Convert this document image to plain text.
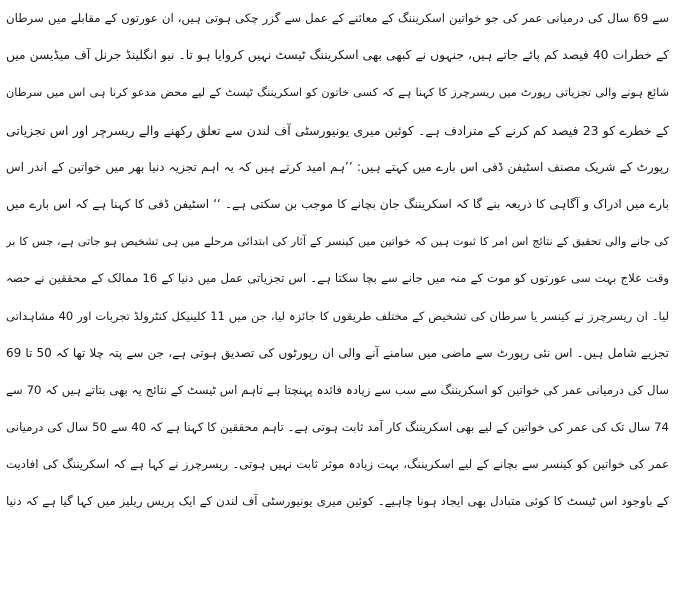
سے 69 سال کی درمیانی عمر کی جو خواتین اسکریننگ کے معائنے کے عمل سے گزر چکی ہوتی ہیں، ان عورتوں کے مقابلے میں سرطان
کے خطرات 40 فیصد کم پائے جاتے ہیں، جنہوں نے کبھی بھی اسکریننگ ٹیسٹ نہیں کروایا ہو تا۔ نیو انگلینڈ جرنل آف میڈیسن میں
شائع ہونے والی تجزیاتی رپورٹ میں ریسرچرز کا کہنا ہے کہ کسی خاتون کو اسکریننگ ٹیسٹ کے لیے محض مدعو کرنا ہی اس میں سرطان
کے خطرے کو 23 فیصد کم کرنے کے مترادف ہے۔ کوئین میری یونیورسٹی آف لندن سے تعلق رکھنے والے ریسرچر اور اس تجزیاتی
رپورٹ کے شریک مصنف اسٹیفن ڈفی اس بارے میں کہتے ہیں: ’’ہم امید کرتے ہیں کہ یہ اہم تجزیہ دنیا بھر میں خواتین کے اندر اس
بارے میں ادراک و آگاہی کا ذریعہ بنے گا کہ اسکریننگ جان بچانے کا موجب بن سکتی ہے۔ ‘‘ اسٹیفن ڈفی کا کہنا ہے کہ اس بارے میں
کی جانے والی تحقیق کے نتائج اس امر کا ثبوت ہیں کہ خواتین میں کینسر کے آثار کی ابتدائی مرحلے میں ہی تشخیص ہو جاتی ہے، جس کا بر
وقت علاج بہت سی عورتوں کو موت کے منہ میں جانے سے بچا سکتا ہے۔ اس تجزیاتی عمل میں دنیا کے 16 ممالک کے محققین نے حصہ
لیا۔ ان ریسرچرز نے کینسر یا سرطان کی تشخیص کے مختلف طریقوں کا جائزہ لیا، جن میں 11 کلینیکل کنٹرولڈ تجربات اور 40 مشاہداتی
تجزیے شامل ہیں۔ اس نئی رپورٹ سے ماضی میں سامنے آنے والی ان رپورٹوں کی تصدیق ہوتی ہے، جن سے پتہ چلا تھا کہ 50 تا 69
سال کی درمیانی عمر کی خواتین کو اسکریننگ سے سب سے زیادہ فائدہ پہنچتا ہے تاہم اس ٹیسٹ کے نتائج یہ بھی بتاتے ہیں کہ 70 سے
74 سال تک کی عمر کی خواتین کے لیے بھی اسکریننگ کار آمد ثابت ہوتی ہے۔ تاہم محققین کا کہنا ہے کہ 40 سے 50 سال کی درمیانی
عمر کی خواتین کو کینسر سے بچانے کے لیے اسکریننگ، بہت زیادہ موثر ثابت نہیں ہوتی۔ ریسرچرز نے کہا ہے کہ اسکریننگ کی افادیت
کے باوجود اس ٹیسٹ کا کوئی متبادل بھی ایجاد ہونا چاہیے۔ کوئین میری یونیورسٹی آف لندن کے ایک پریس ریلیز میں کہا گیا ہے کہ دنیا
